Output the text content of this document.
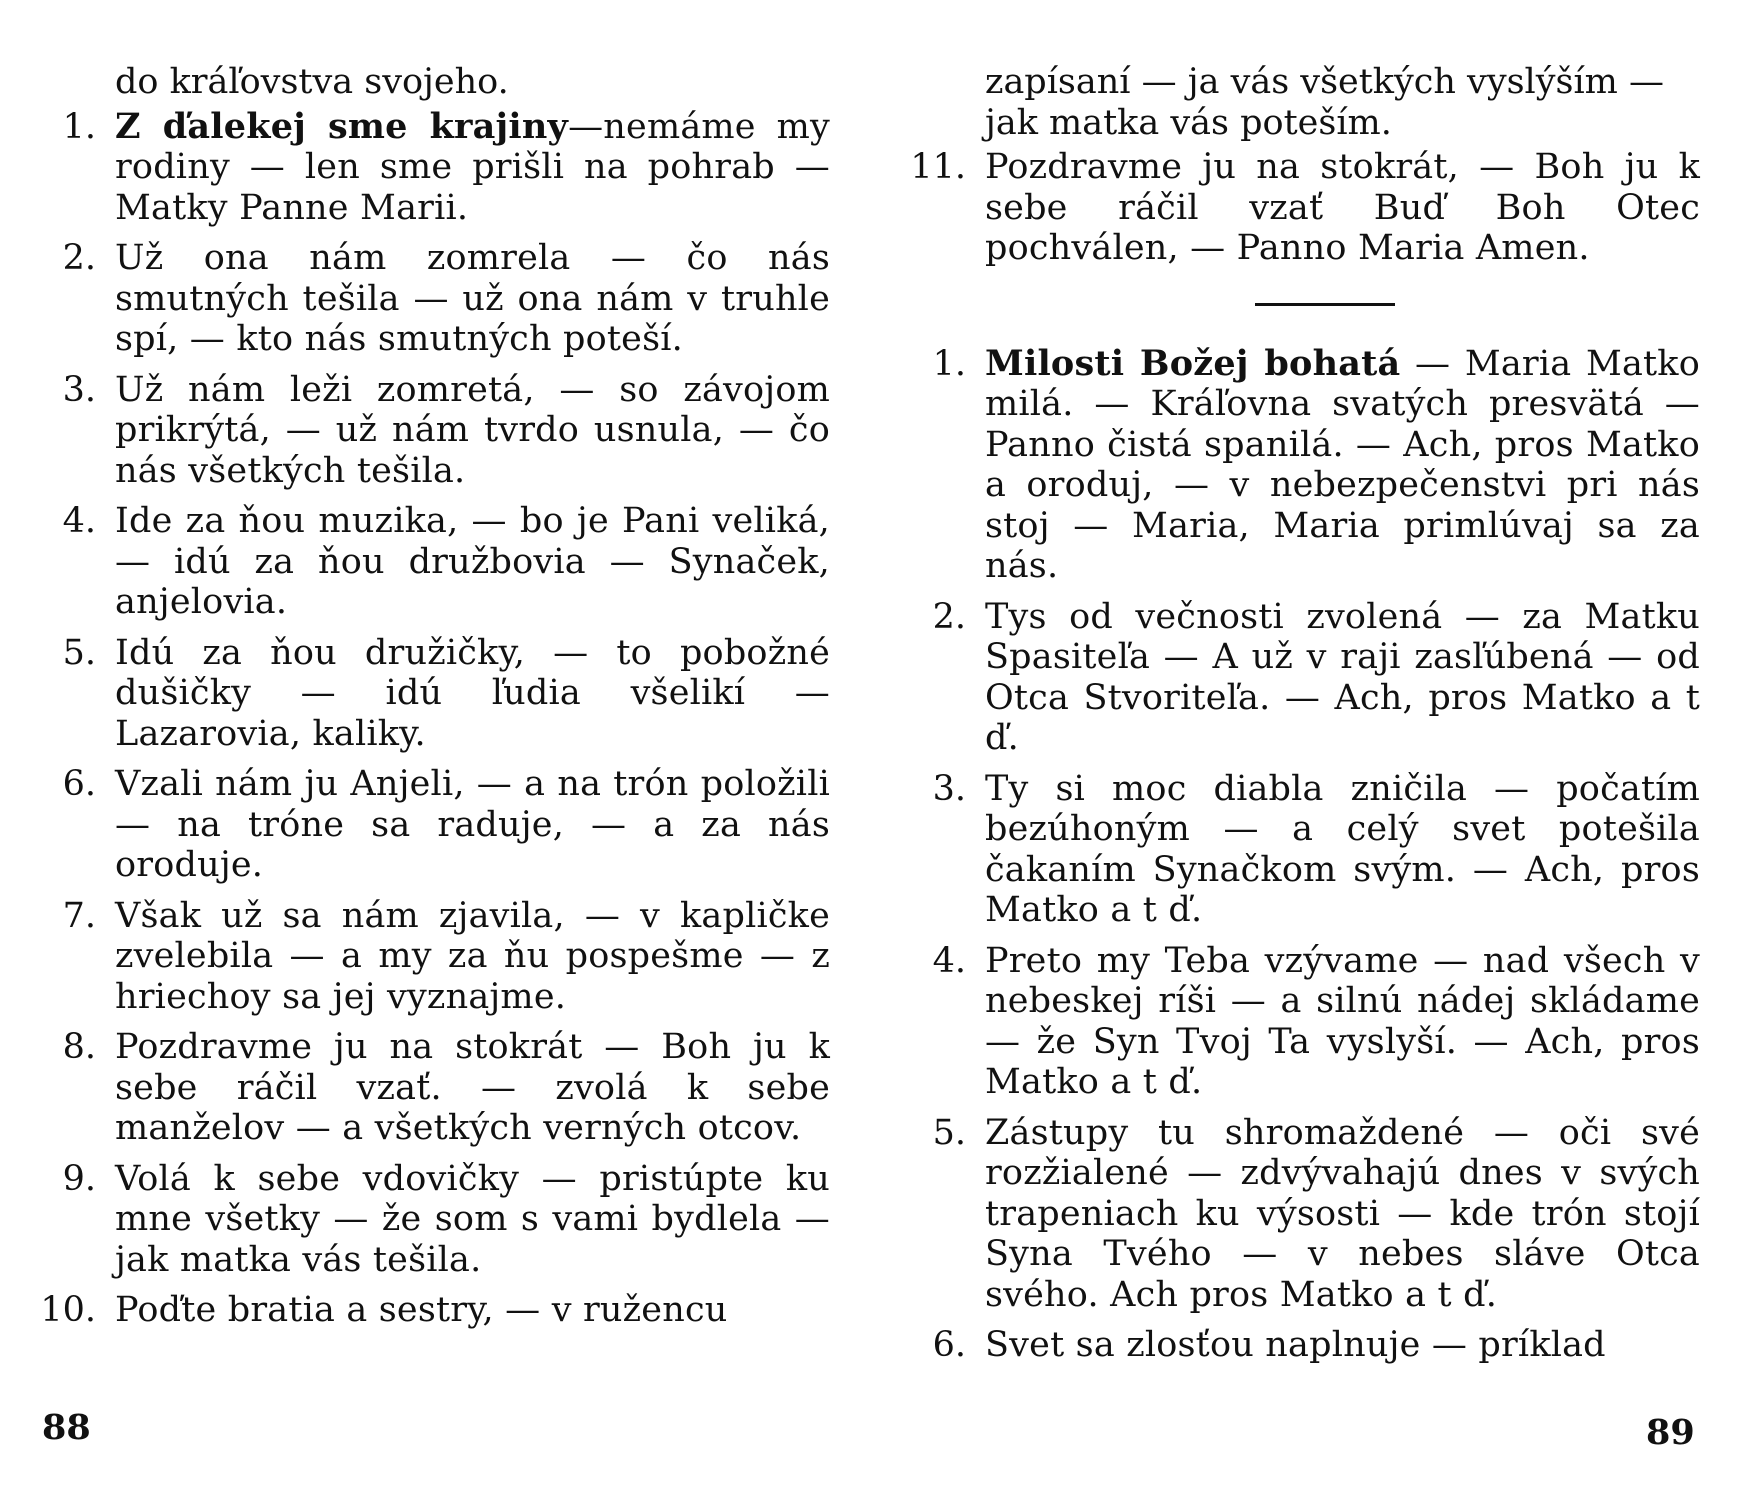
do kráľovstva svojeho.
1. Z ďalekej sme krajiny—nemáme my rodiny — len sme prišli na pohrab — Matky Panne Marii.
2. Už ona nám zomrela — čo nás smutných tešila — už ona nám v truhle spí, — kto nás smutných poteší.
3. Už nám leži zomretá, — so závojom prikrýtá, — už nám tvrdo usnula, — čo nás všetkých tešila.
4. Ide za ňou muzika, — bo je Pani veliká, — idú za ňou družbovia — Synaček, anjelovia.
5. Idú za ňou družičky, — to pobožné dušičky — idú ľudia všelikí — Lazarovia, kaliky.
6. Vzali nám ju Anjeli, — a na trón položili — na tróne sa raduje, — a za nás oroduje.
7. Však už sa nám zjavila, — v kapličke zvelebila — a my za ňu pospešme — z hriechoy sa jej vyznajme.
8. Pozdravme ju na stokrát — Boh ju k sebe ráčil vzať. — zvolá k sebe manželov — a všetkých verných otcov.
9. Volá k sebe vdovičky — pristúpte ku mne všetky — že som s vami bydlela — jak matka vás tešila.
10. Poďte bratia a sestry, — v ružencu
zapísaní — ja vás všetkých vyslýším — jak matka vás poteším.
11. Pozdravme ju na stokrát, — Boh ju k sebe ráčil vzať Buď Boh Otec pochválen, — Panno Maria Amen.
1. Milosti Božej bohatá — Maria Matko milá. — Kráľovna svatých presvätá — Panno čistá spanilá. — Ach, pros Matko a oroduj, — v nebezpečenstvi pri nás stoj — Maria, Maria primlúvaj sa za nás.
2. Tys od večnosti zvolená — za Matku Spasiteľa — A už v raji zasľúbená — od Otca Stvoriteľa. — Ach, pros Matko a t ď.
3. Ty si moc diabla zničila — počatím bezúhoným — a celý svet potešila čakaním Synačkom svým. — Ach, pros Matko a t ď.
4. Preto my Teba vzývame — nad všech v nebeskej ríši — a silnú nádej skládame — že Syn Tvoj Ta vyslyší. — Ach, pros Matko a t ď.
5. Zástupy tu shromaždené — oči své rozžialené — zdvývahajú dnes v svých trapeniach ku výsosti — kde trón stojí Syna Tvého — v nebes sláve Otca svého. Ach pros Matko a t ď.
6. Svet sa zlosťou naplnuje — príklad
88	89
